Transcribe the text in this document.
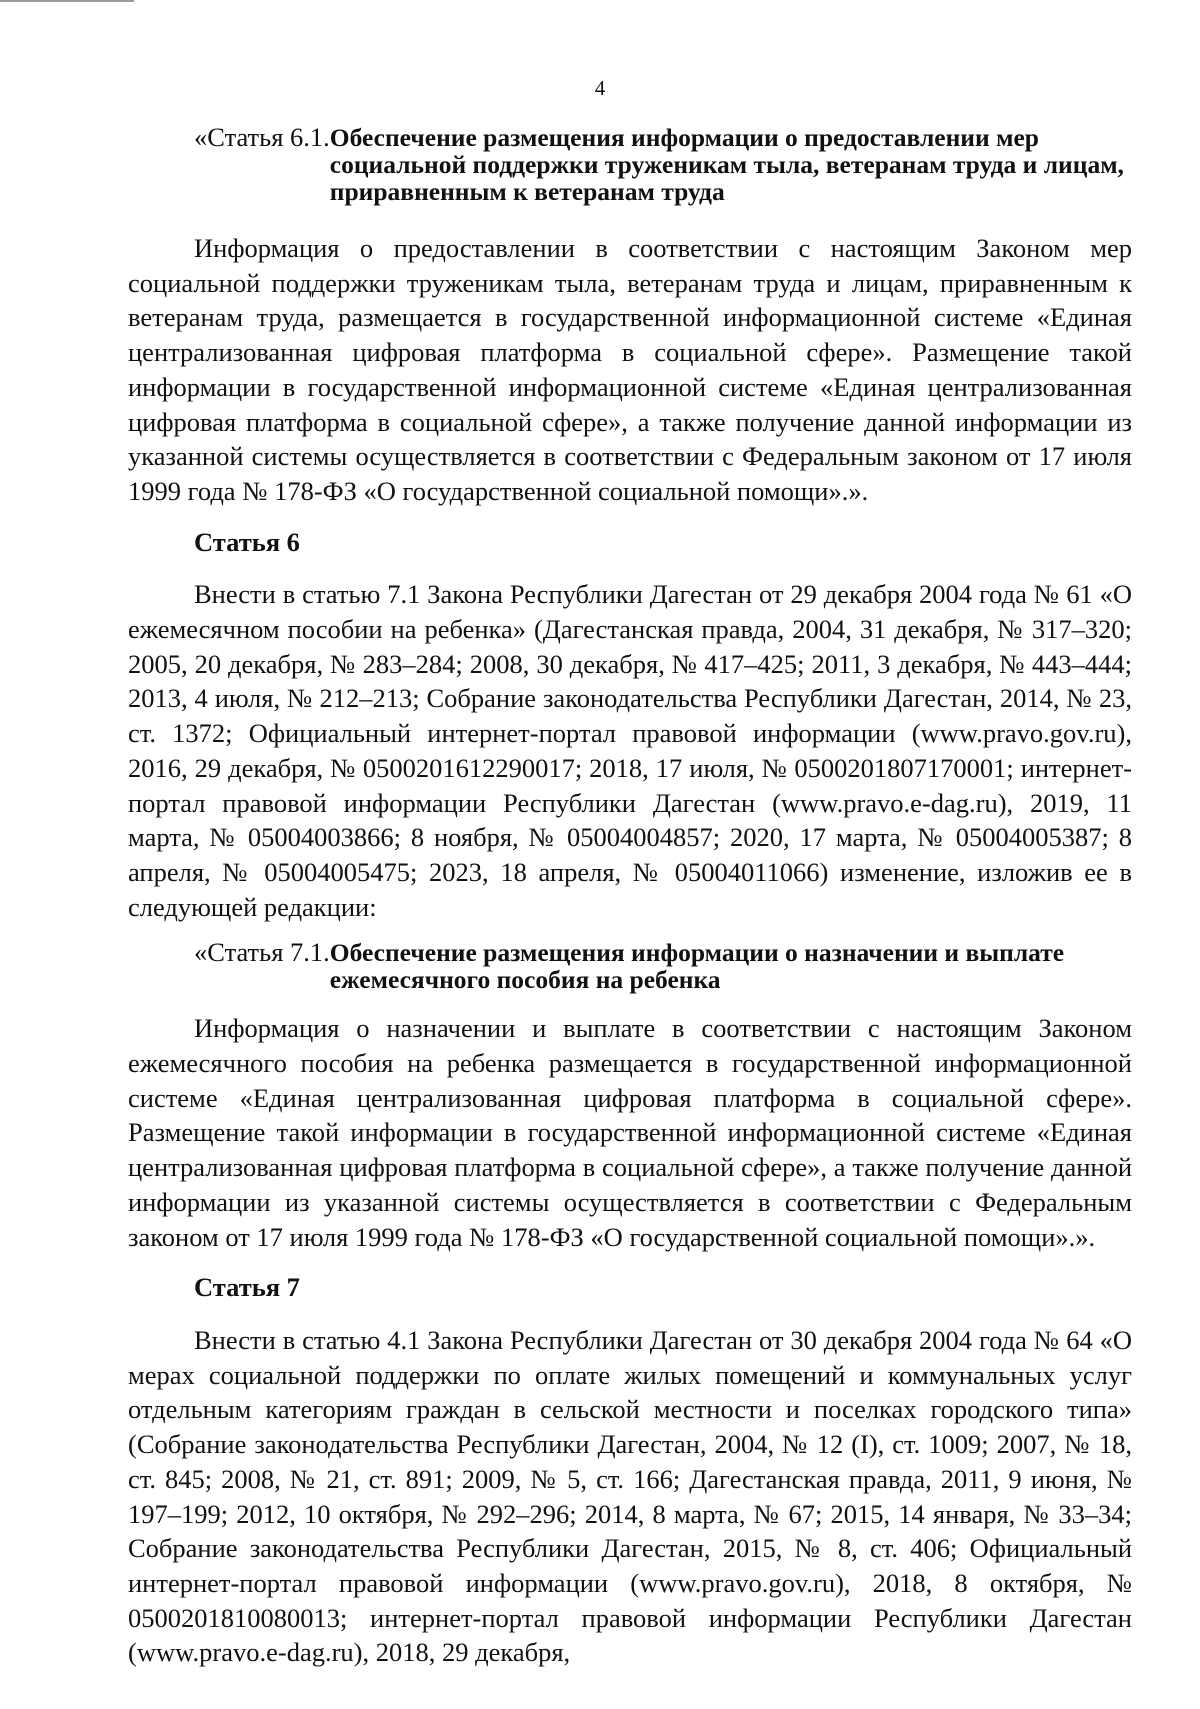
4
«Статья 6.1. Обеспечение размещения информации о предоставлении мер социальной поддержки труженикам тыла, ветеранам труда и лицам, приравненным к ветеранам труда

Информация о предоставлении в соответствии с настоящим Законом мер социальной поддержки труженикам тыла, ветеранам труда и лицам, приравненным к ветеранам труда, размещается в государственной информационной системе «Единая централизованная цифровая платформа в социальной сфере». Размещение такой информации в государственной информационной системе «Единая централизованная цифровая платформа в социальной сфере», а также получение данной информации из указанной системы осуществляется в соответствии с Федеральным законом от 17 июля 1999 года № 178-ФЗ «О государственной социальной помощи».».

Статья 6

Внести в статью 7.1 Закона Республики Дагестан от 29 декабря 2004 года № 61 «О ежемесячном пособии на ребенка» (Дагестанская правда, 2004, 31 декабря, № 317–320; 2005, 20 декабря, № 283–284; 2008, 30 декабря, № 417–425; 2011, 3 декабря, № 443–444; 2013, 4 июля, № 212–213; Собрание законодательства Республики Дагестан, 2014, № 23, ст. 1372; Официальный интернет-портал правовой информации (www.pravo.gov.ru), 2016, 29 декабря, № 0500201612290017; 2018, 17 июля, № 0500201807170001; интернет-портал правовой информации Республики Дагестан (www.pravo.e-dag.ru), 2019, 11 марта, № 05004003866; 8 ноября, № 05004004857; 2020, 17 марта, № 05004005387; 8 апреля, № 05004005475; 2023, 18 апреля, № 05004011066) изменение, изложив ее в следующей редакции:

«Статья 7.1. Обеспечение размещения информации о назначении и выплате ежемесячного пособия на ребенка

Информация о назначении и выплате в соответствии с настоящим Законом ежемесячного пособия на ребенка размещается в государственной информационной системе «Единая централизованная цифровая платформа в социальной сфере». Размещение такой информации в государственной информационной системе «Единая централизованная цифровая платформа в социальной сфере», а также получение данной информации из указанной системы осуществляется в соответствии с Федеральным законом от 17 июля 1999 года № 178-ФЗ «О государственной социальной помощи».».

Статья 7

Внести в статью 4.1 Закона Республики Дагестан от 30 декабря 2004 года № 64 «О мерах социальной поддержки по оплате жилых помещений и коммунальных услуг отдельным категориям граждан в сельской местности и поселках городского типа» (Собрание законодательства Республики Дагестан, 2004, № 12 (I), ст. 1009; 2007, № 18, ст. 845; 2008, № 21, ст. 891; 2009, № 5, ст. 166; Дагестанская правда, 2011, 9 июня, № 197–199; 2012, 10 октября, № 292–296; 2014, 8 марта, № 67; 2015, 14 января, № 33–34; Собрание законодательства Республики Дагестан, 2015, № 8, ст. 406; Официальный интернет-портал правовой информации (www.pravo.gov.ru), 2018, 8 октября, № 0500201810080013; интернет-портал правовой информации Республики Дагестан (www.pravo.e-dag.ru), 2018, 29 декабря,
